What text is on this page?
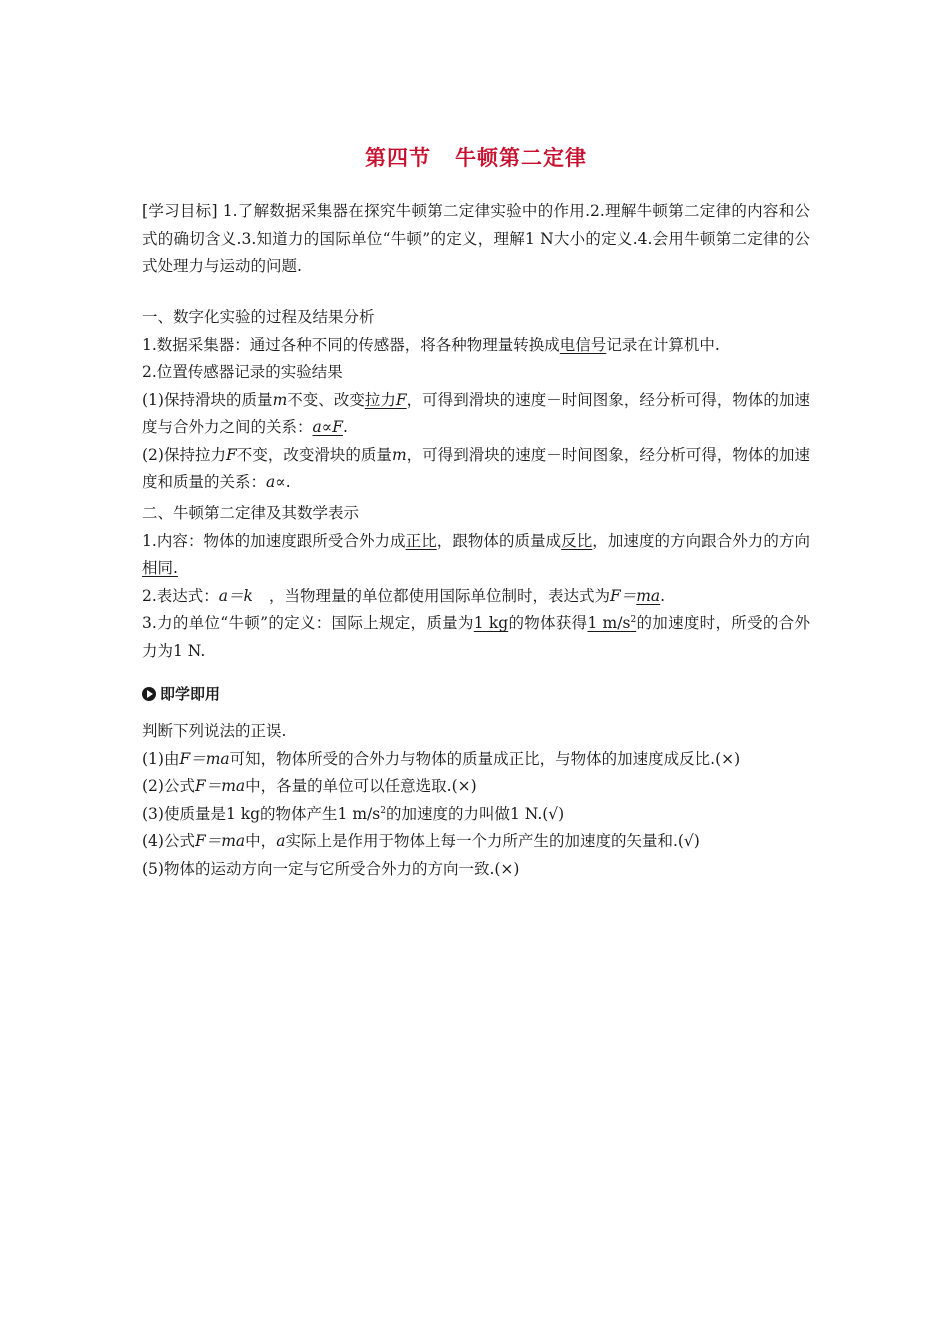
第四节 牛顿第二定律

[学习目标] 1.了解数据采集器在探究牛顿第二定律实验中的作用.2.理解牛顿第二定律的内容和公式的确切含义.3.知道力的国际单位“牛顿”的定义，理解1 N大小的定义.4.会用牛顿第二定律的公式处理力与运动的问题.

一、数字化实验的过程及结果分析

1.数据采集器：通过各种不同的传感器，将各种物理量转换成电信号记录在计算机中.

2.位置传感器记录的实验结果

(1)保持滑块的质量m不变、改变拉力F，可得到滑块的速度－时间图象，经分析可得，物体的加速度与合外力之间的关系：a∝F.

(2)保持拉力F不变，改变滑块的质量m，可得到滑块的速度－时间图象，经分析可得，物体的加速度和质量的关系：a∝.

二、牛顿第二定律及其数学表示

1.内容：物体的加速度跟所受合外力成正比，跟物体的质量成反比，加速度的方向跟合外力的方向相同.

2.表达式：a＝k ，当物理量的单位都使用国际单位制时，表达式为F＝ma.

3.力的单位“牛顿”的定义：国际上规定，质量为1 kg的物体获得1 $m/s^2$的加速度时，所受的合外力为1 N.

即学即用

判断下列说法的正误.

(1)由F＝ma可知，物体所受的合外力与物体的质量成正比，与物体的加速度成反比.(×)

(2)公式F＝ma中，各量的单位可以任意选取.(×)

(3)使质量是1 kg的物体产生1 $m/s^2$的加速度的力叫做1 N.(√)

(4)公式F＝ma中，a实际上是作用于物体上每一个力所产生的加速度的矢量和.(√)

(5)物体的运动方向一定与它所受合外力的方向一致.(×)
